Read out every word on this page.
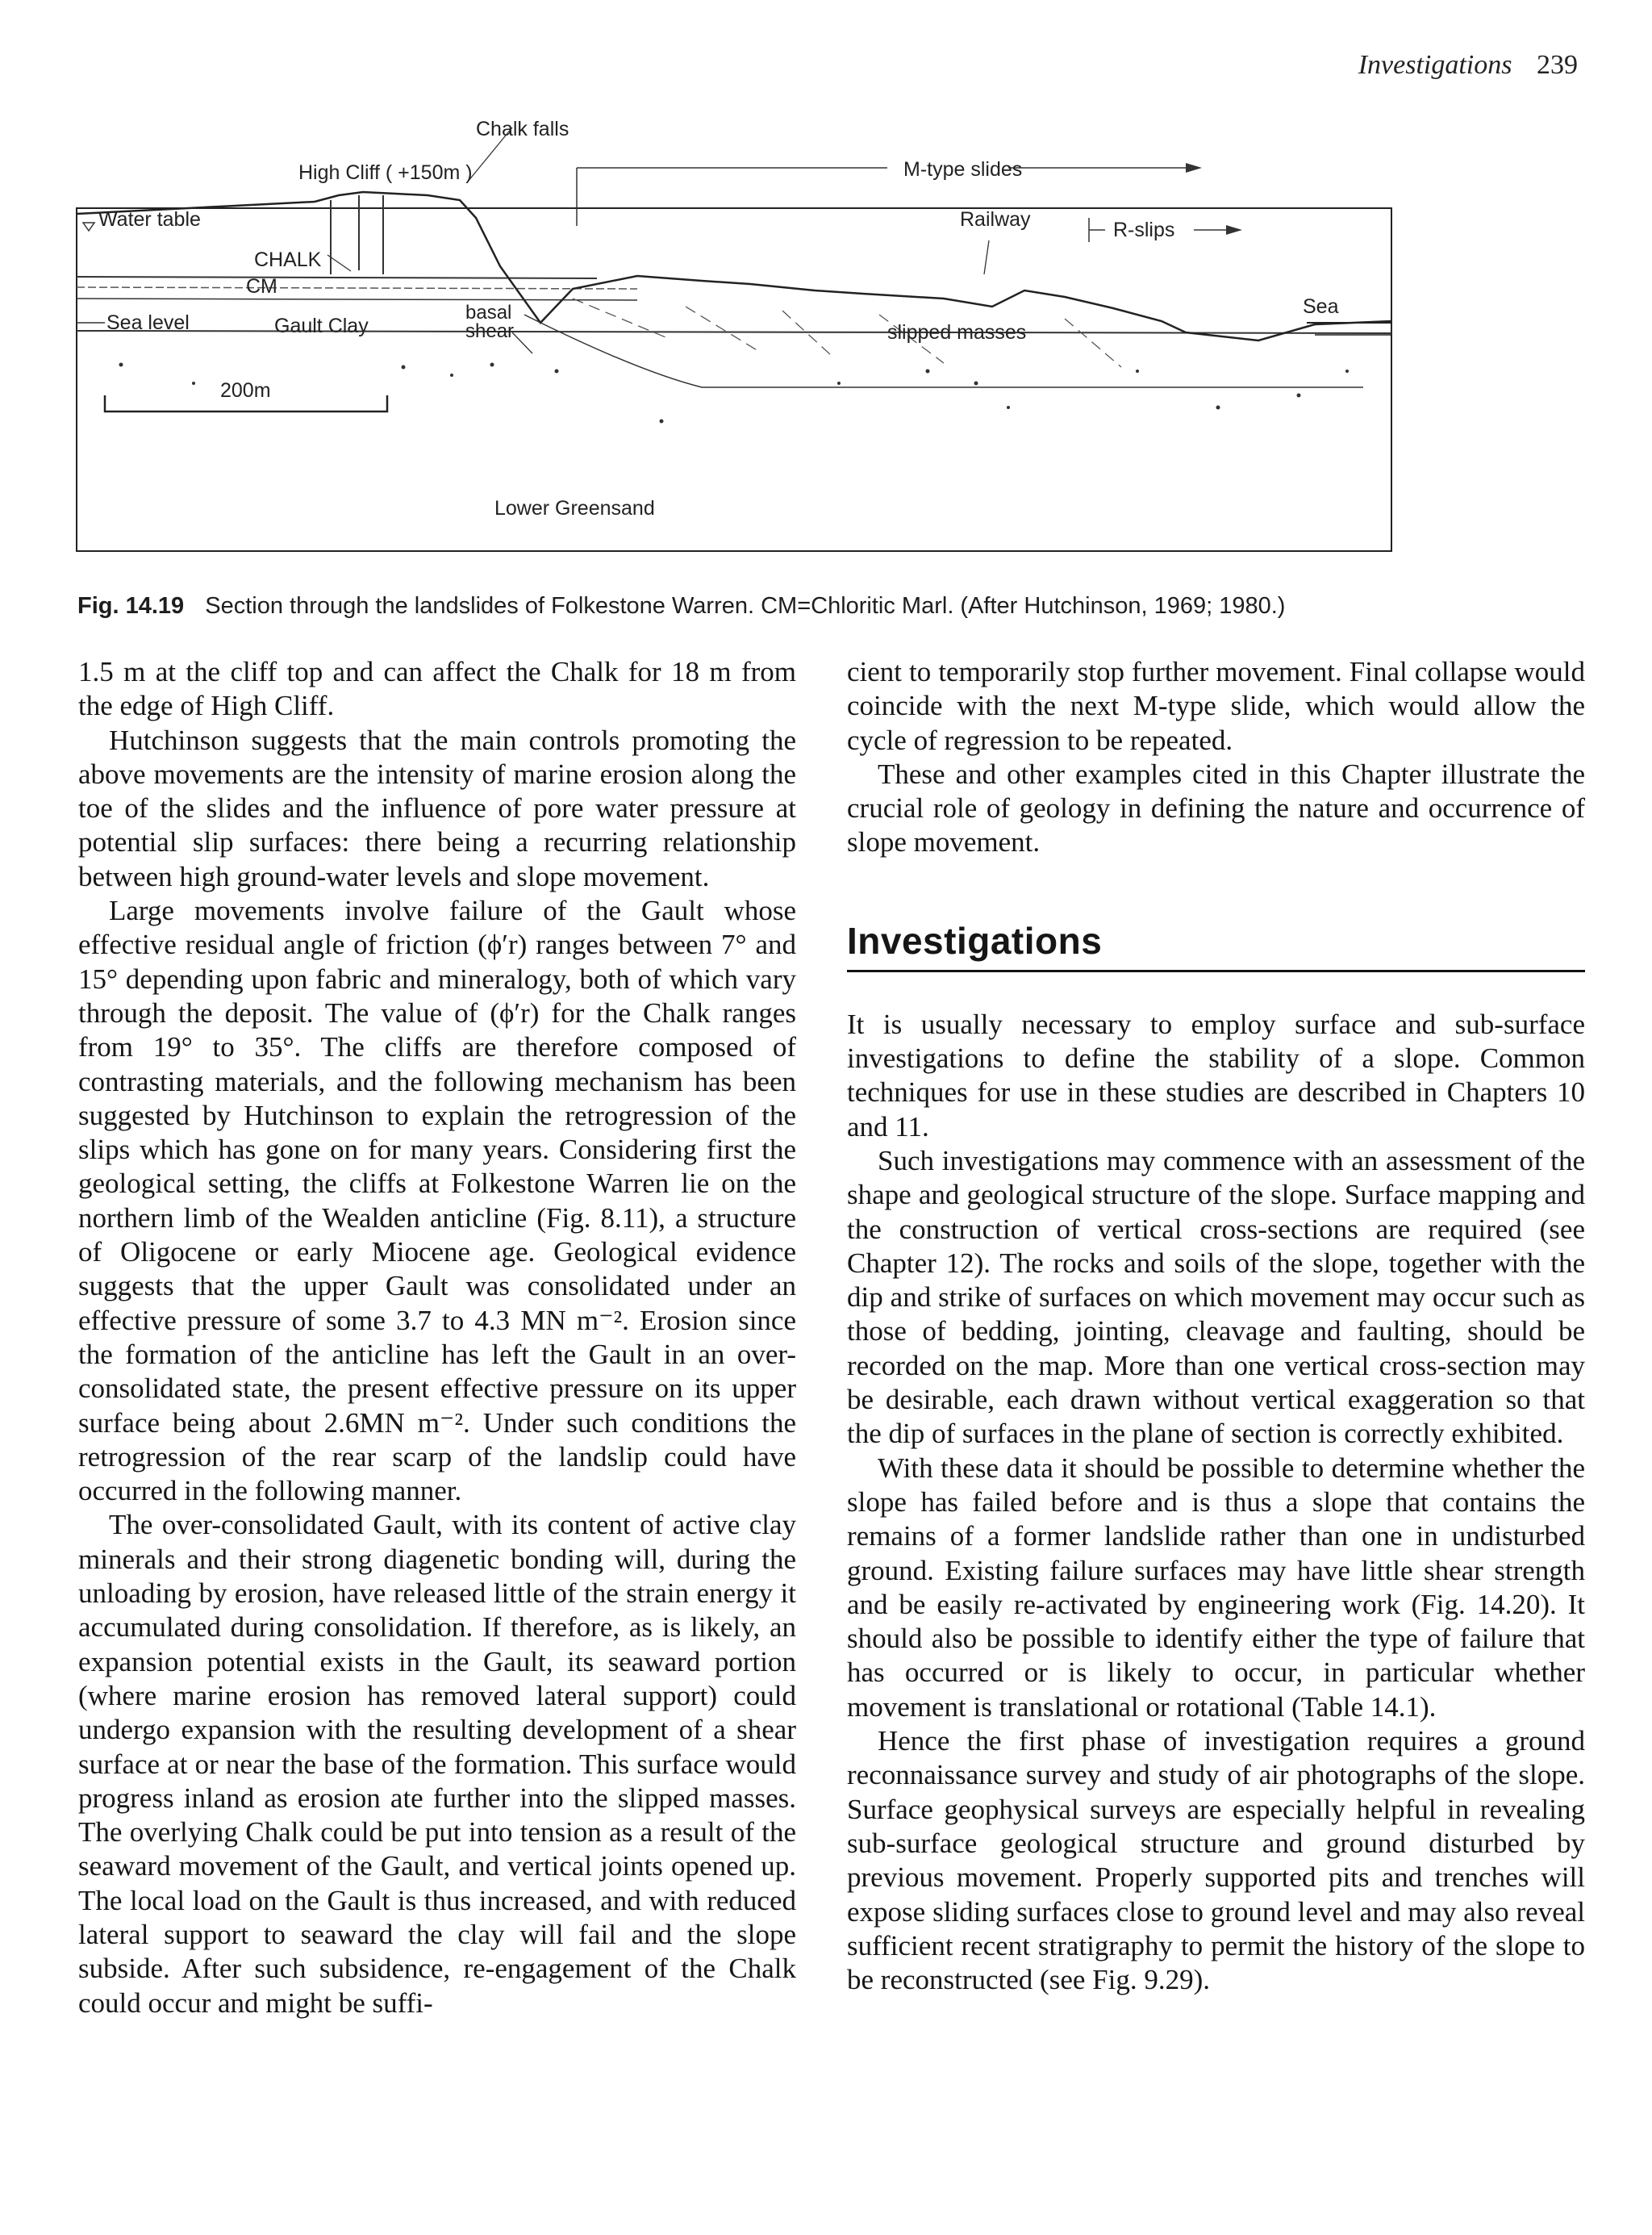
Investigations 239
Chalk falls
High Cliff ( +150m )	M-type slides
Water table
CHALK
Railway	R-slips
CM
Sea
Sea level	Gault Clay
basal
shear	slipped masses
200m
Lower Greensand
Fig. 14.19 Section through the landslides of Folkestone Warren. CM=Chloritic Marl. (After Hutchinson, 1969; 1980.)

1.5 m at the cliff top and can affect the Chalk for 18 m from the edge of High Cliff.

Hutchinson suggests that the main controls promoting the above movements are the intensity of marine erosion along the toe of the slides and the influence of pore water pressure at potential slip surfaces: there being a recurring relationship between high ground-water levels and slope movement.

Large movements involve failure of the Gault whose effective residual angle of friction (ϕ′r) ranges between 7° and 15° depending upon fabric and mineralogy, both of which vary through the deposit. The value of (ϕ′r) for the Chalk ranges from 19° to 35°. The cliffs are therefore composed of contrasting materials, and the following mechanism has been suggested by Hutchinson to explain the retrogression of the slips which has gone on for many years. Considering first the geological setting, the cliffs at Folkestone Warren lie on the northern limb of the Wealden anticline (Fig. 8.11), a structure of Oligocene or early Miocene age. Geological evidence suggests that the upper Gault was consolidated under an effective pressure of some 3.7 to 4.3 MN m⁻². Erosion since the formation of the anticline has left the Gault in an over-consolidated state, the present effective pressure on its upper surface being about 2.6MN m⁻². Under such conditions the retrogression of the rear scarp of the landslip could have occurred in the following manner.

The over-consolidated Gault, with its content of active clay minerals and their strong diagenetic bonding will, during the unloading by erosion, have released little of the strain energy it accumulated during consolidation. If therefore, as is likely, an expansion potential exists in the Gault, its seaward portion (where marine erosion has removed lateral support) could undergo expansion with the resulting development of a shear surface at or near the base of the formation. This surface would progress inland as erosion ate further into the slipped masses. The overlying Chalk could be put into tension as a result of the seaward movement of the Gault, and vertical joints opened up. The local load on the Gault is thus increased, and with reduced lateral support to seaward the clay will fail and the slope subside. After such subsidence, re-engagement of the Chalk could occur and might be suffi-

cient to temporarily stop further movement. Final collapse would coincide with the next M-type slide, which would allow the cycle of regression to be repeated.

These and other examples cited in this Chapter illustrate the crucial role of geology in defining the nature and occurrence of slope movement.

Investigations

It is usually necessary to employ surface and sub-surface investigations to define the stability of a slope. Common techniques for use in these studies are described in Chapters 10 and 11.

Such investigations may commence with an assessment of the shape and geological structure of the slope. Surface mapping and the construction of vertical cross-sections are required (see Chapter 12). The rocks and soils of the slope, together with the dip and strike of surfaces on which movement may occur such as those of bedding, jointing, cleavage and faulting, should be recorded on the map. More than one vertical cross-section may be desirable, each drawn without vertical exaggeration so that the dip of surfaces in the plane of section is correctly exhibited.

With these data it should be possible to determine whether the slope has failed before and is thus a slope that contains the remains of a former landslide rather than one in undisturbed ground. Existing failure surfaces may have little shear strength and be easily re-activated by engineering work (Fig. 14.20). It should also be possible to identify either the type of failure that has occurred or is likely to occur, in particular whether movement is translational or rotational (Table 14.1).

Hence the first phase of investigation requires a ground reconnaissance survey and study of air photographs of the slope. Surface geophysical surveys are especially helpful in revealing sub-surface geological structure and ground disturbed by previous movement. Properly supported pits and trenches will expose sliding surfaces close to ground level and may also reveal sufficient recent stratigraphy to permit the history of the slope to be reconstructed (see Fig. 9.29).
